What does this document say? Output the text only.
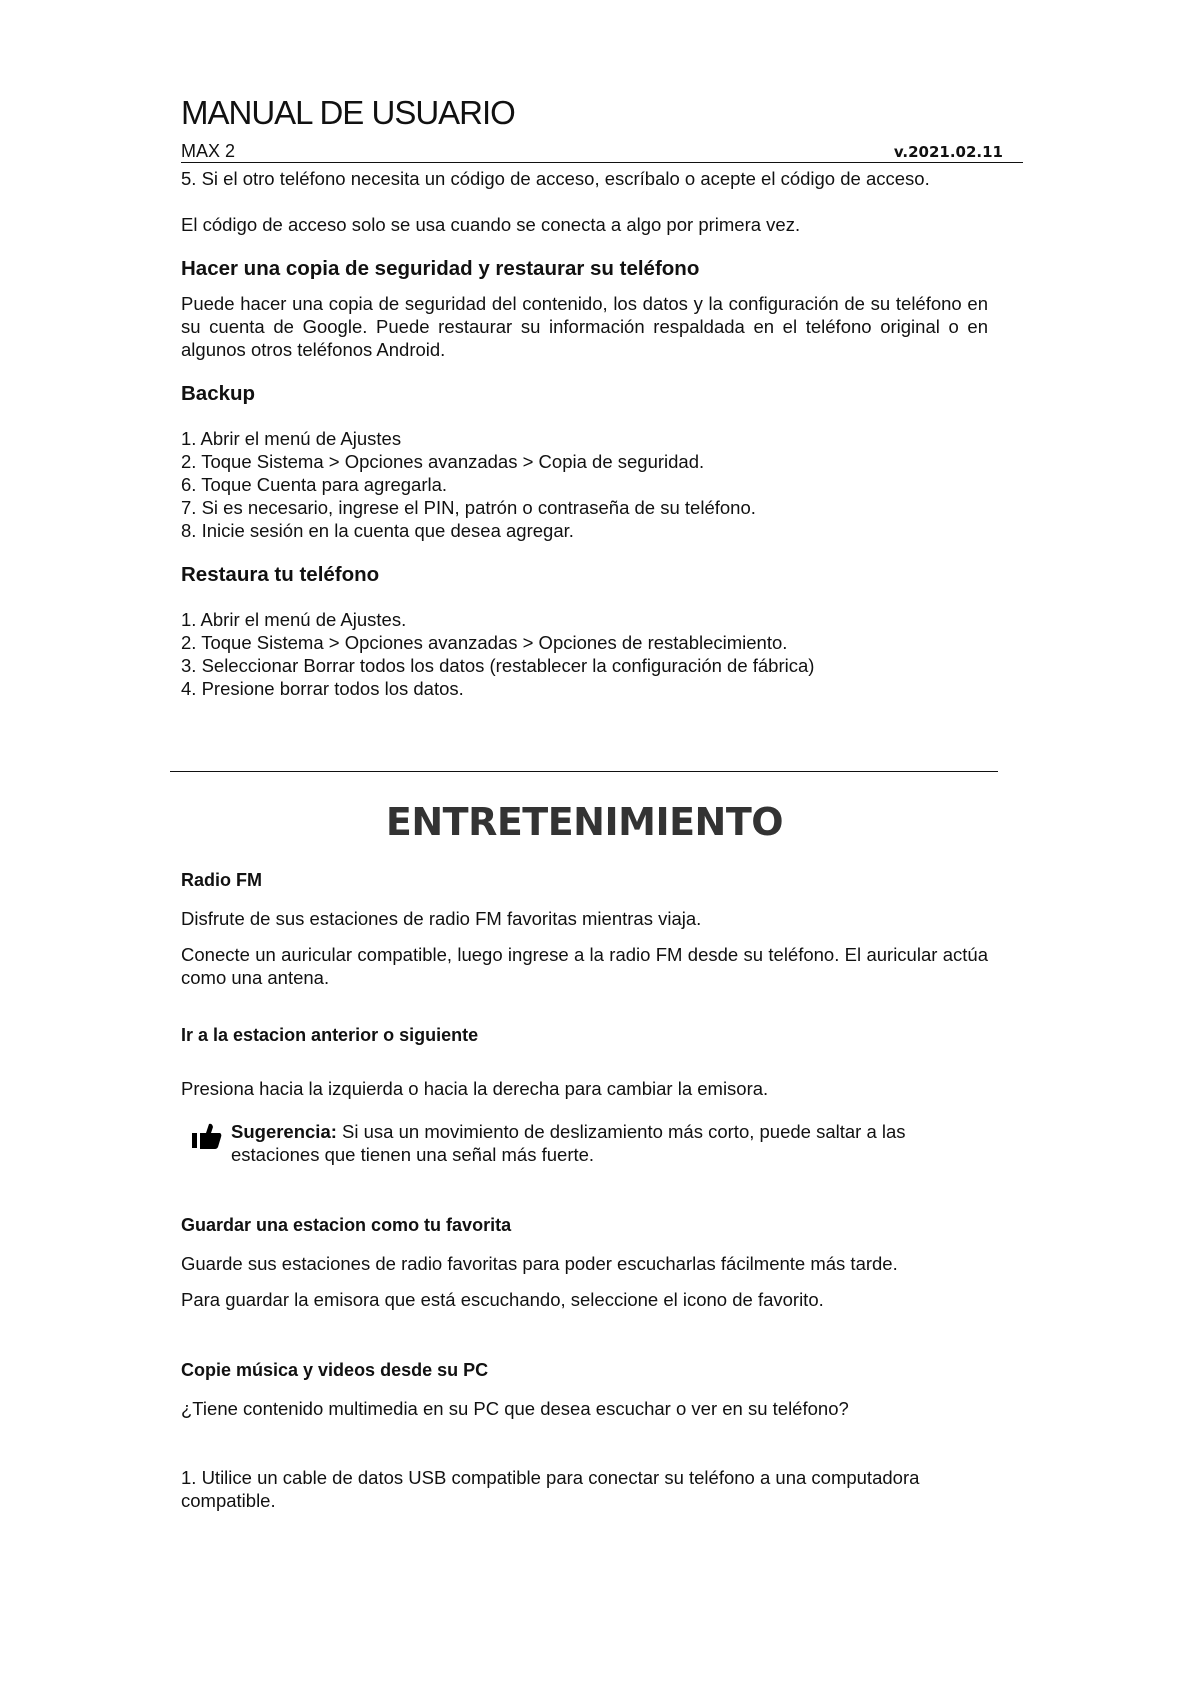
MANUAL DE USUARIO
MAX 2	v.2021.02.11

5. Si el otro teléfono necesita un código de acceso, escríbalo o acepte el código de acceso.

El código de acceso solo se usa cuando se conecta a algo por primera vez.

Hacer una copia de seguridad y restaurar su teléfono

Puede hacer una copia de seguridad del contenido, los datos y la configuración de su teléfono en su cuenta de Google. Puede restaurar su información respaldada en el teléfono original o en algunos otros teléfonos Android.

Backup

1. Abrir el menú de Ajustes
2. Toque Sistema > Opciones avanzadas > Copia de seguridad.
6. Toque Cuenta para agregarla.
7. Si es necesario, ingrese el PIN, patrón o contraseña de su teléfono.
8. Inicie sesión en la cuenta que desea agregar.

Restaura tu teléfono

1. Abrir el menú de Ajustes.
2. Toque Sistema > Opciones avanzadas > Opciones de restablecimiento.
3. Seleccionar Borrar todos los datos (restablecer la configuración de fábrica)
4. Presione borrar todos los datos.
ENTRETENIMIENTO

Radio FM

Disfrute de sus estaciones de radio FM favoritas mientras viaja.

Conecte un auricular compatible, luego ingrese a la radio FM desde su teléfono. El auricular actúa como una antena.

Ir a la estacion anterior o siguiente

Presiona hacia la izquierda o hacia la derecha para cambiar la emisora.

Sugerencia: Si usa un movimiento de deslizamiento más corto, puede saltar a las estaciones que tienen una señal más fuerte.

Guardar una estacion como tu favorita

Guarde sus estaciones de radio favoritas para poder escucharlas fácilmente más tarde.

Para guardar la emisora que está escuchando, seleccione el icono de favorito.

Copie música y videos desde su PC

¿Tiene contenido multimedia en su PC que desea escuchar o ver en su teléfono?

1. Utilice un cable de datos USB compatible para conectar su teléfono a una computadora compatible.
